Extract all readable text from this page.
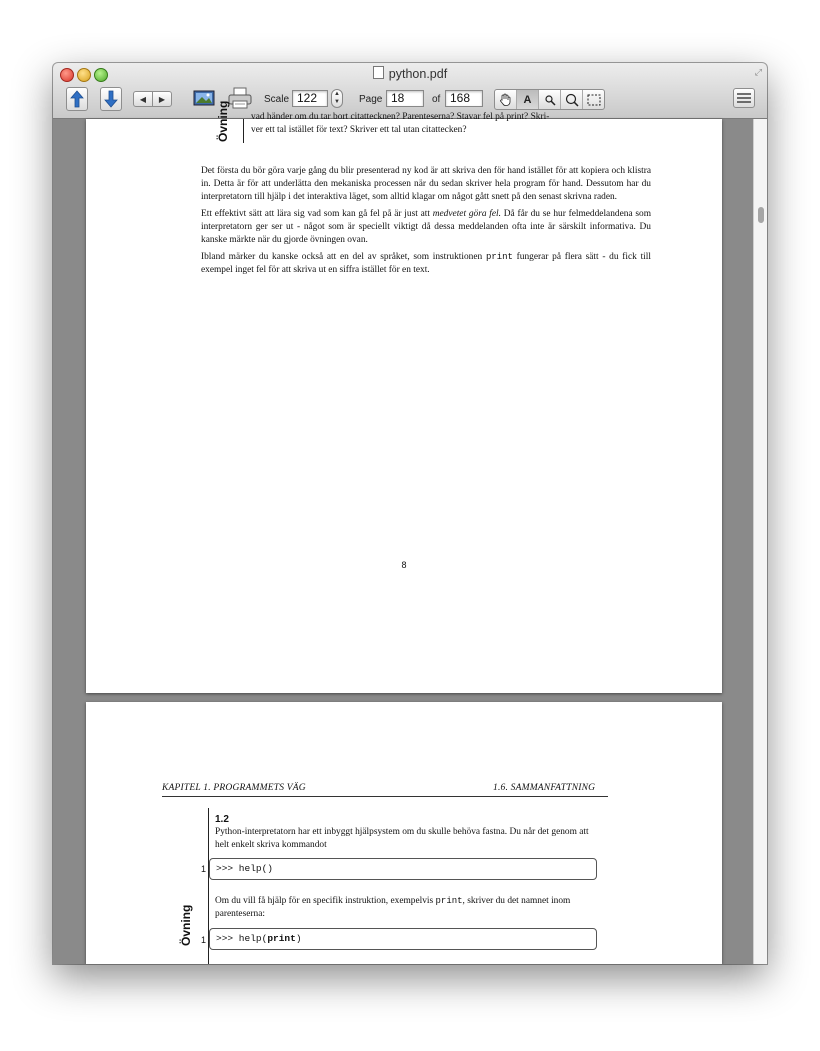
python.pdf	⤢
◀ ▶	Scale 122	▲
▼	Page 18	of 168	A
Övning vad händer om du tar bort citattecknen? Parenteserna? Stavar fel på print? Skri-
ver ett tal istället för text? Skriver ett tal utan citattecken?

Det första du bör göra varje gång du blir presenterad ny kod är att skriva den för hand istället för att kopiera och klistra in. Detta är för att underlätta den mekaniska processen när du sedan skriver hela program för hand. Dessutom har du interpretatorn till hjälp i det interaktiva läget, som alltid klagar om något gått snett på den senast skrivna raden.

Ett effektivt sätt att lära sig vad som kan gå fel på är just att medvetet göra fel. Då får du se hur felmeddelandena som interpretatorn ger ser ut - något som är speciellt viktigt då dessa meddelanden ofta inte är särskilt informativa. Du kanske märkte när du gjorde övningen ovan.

Ibland märker du kanske också att en del av språket, som instruktionen print fungerar på flera sätt - du fick till exempel inget fel för att skriva ut en siffra istället för en text.

8
KAPITEL 1. PROGRAMMETS VÄG	1.6. SAMMANFATTNING
1.2
Python-interpretatorn har ett inbyggt hjälpsystem om du skulle behöva fastna. Du når det genom att helt enkelt skriva kommandot
1	>>> help()
Om du vill få hjälp för en specifik instruktion, exempelvis print, skriver du det namnet inom parenteserna:
Övning 1	>>> help(print)
